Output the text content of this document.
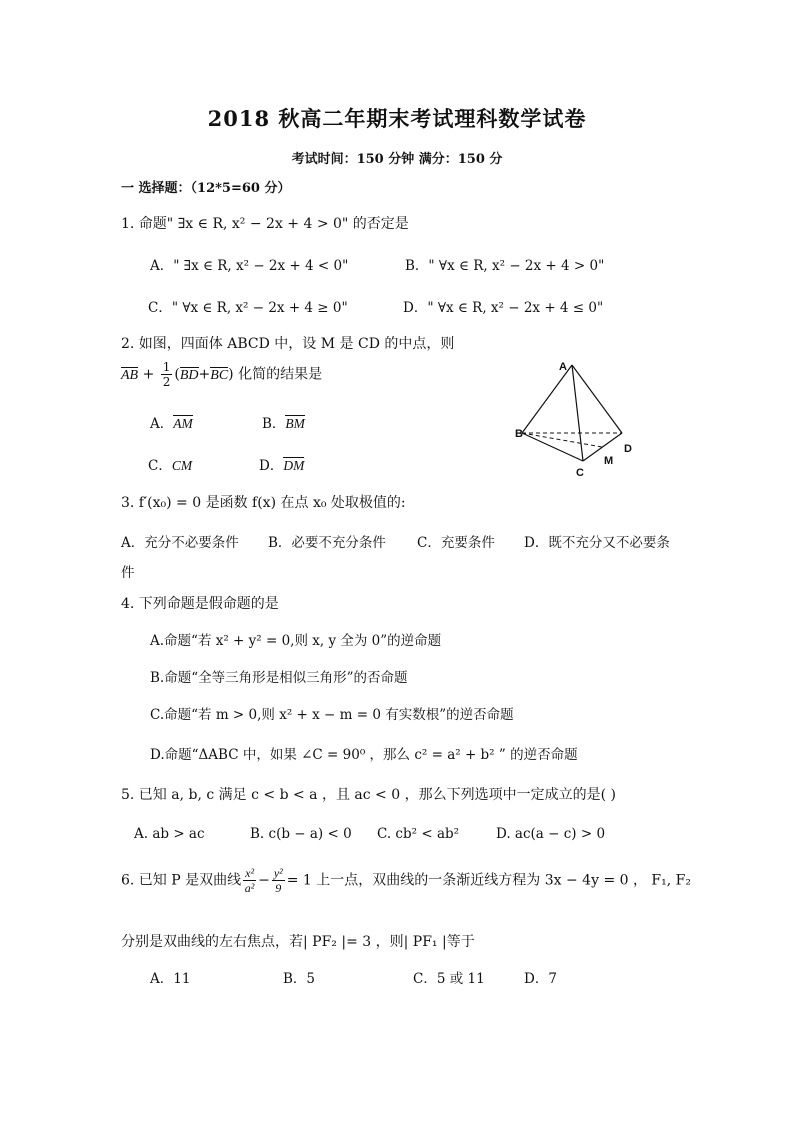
2018 秋高二年期末考试理科数学试卷
考试时间：150 分钟 满分：150 分
一 选择题：（12*5=60 分）
1. 命题" ∃x ∈ R, x² − 2x + 4 > 0" 的否定是
A．" ∃x ∈ R, x² − 2x + 4 < 0"	B．" ∀x ∈ R, x² − 2x + 4 > 0"
C．" ∀x ∈ R, x² − 2x + 4 ≥ 0"	D．" ∀x ∈ R, x² − 2x + 4 ≤ 0"
2. 如图，四面体 ABCD 中，设 M 是 CD 的中点，则
AB + $\frac{1}{2} (BD+BC)$ 化简的结果是
A．AM	B．BM
C．CM	D．DM
A
B
C
D
M
3. f′(x₀) = 0 是函数 f(x) 在点 x₀ 处取极值的:
A．充分不必要条件 B．必要不充分条件 C．充要条件 D．既不充分又不必要条
件
4. 下列命题是假命题的是
A.命题“若 x² + y² = 0,则 x, y 全为 0”的逆命题
B.命题“全等三角形是相似三角形”的否命题
C.命题“若 m > 0,则 x² + x − m = 0 有实数根”的逆否命题
D.命题“ΔABC 中，如果 ∠C = 90⁰ ，那么 c² = a² + b² ” 的逆否命题
5. 已知 a, b, c 满足 c < b < a ，且 ac < 0 ，那么下列选项中一定成立的是( )
A. ab > ac	B. c(b − a) < 0 C. cb² < ab²	D. ac(a − c) > 0
6. 已知 P 是双曲线 $\frac{\text{x²}}{\text{a²}} - \frac{\text{y²}}{9} = 1$ 上一点，双曲线的一条渐近线方程为 3x − 4y = 0 ， F₁, F₂
分别是双曲线的左右焦点，若| PF₂ |= 3 ，则| PF₁ |等于
A．11	B．5	C．5 或 11	D．7
